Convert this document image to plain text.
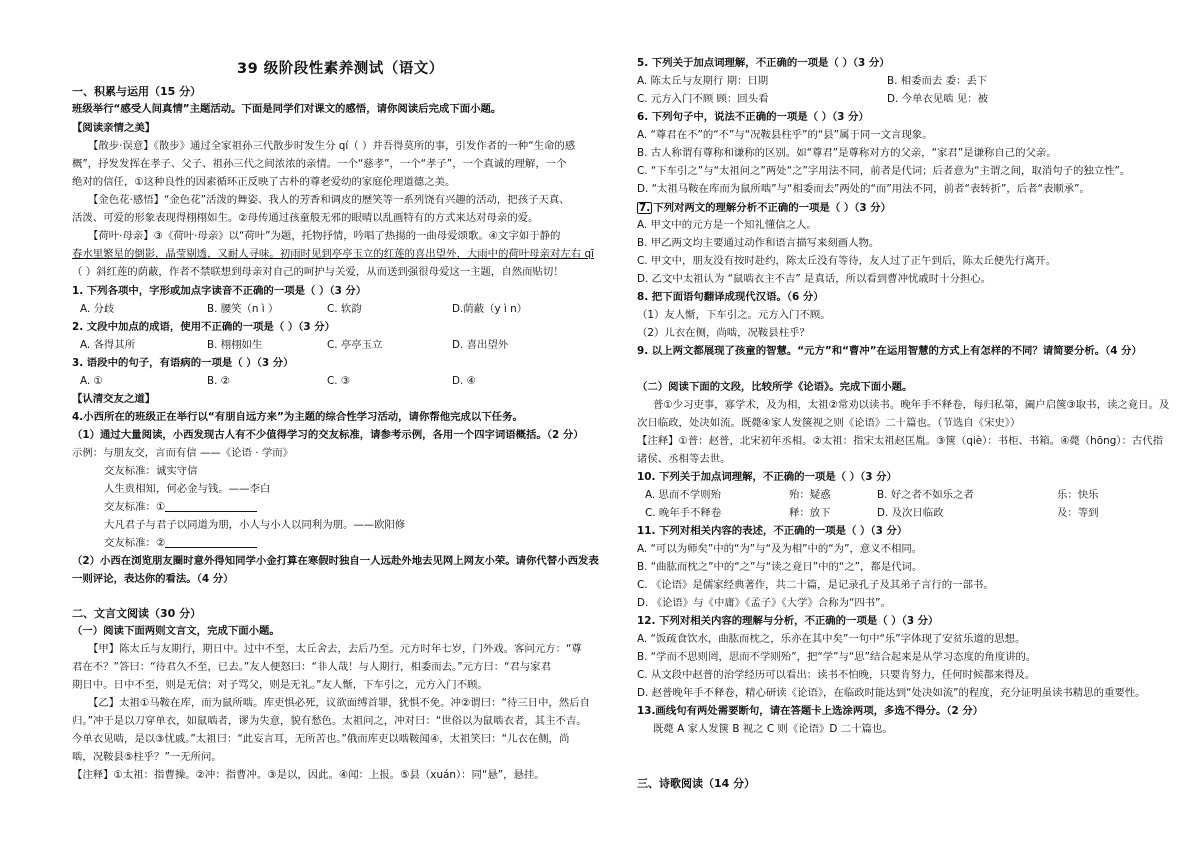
39 级阶段性素养测试（语文）
一、积累与运用（15 分）
班级举行“感受人间真情”主题活动。下面是同学们对课文的感悟，请你阅读后完成下面小题。
【阅读亲情之美】
【散步·误意】《散步》通过全家祖孙三代散步时发生分 qí（ ）并吾得莫所的事，引发作者的一种“生命的感
概”，抒发发挥在孝子、父子、祖孙三代之间浓浓的亲情。一个“慈孝”，一个“孝子”，一个真诚的理解，一个
绝对的信任，①这种良性的因素循环正反映了古朴的尊老爱幼的家庭伦理道德之美。
【金色花·感悟】“金色花”活泼的舞姿、我人的芳香和调皮的歷笑等一系列饶有兴趣的活动，把孩子天真、
活泼、可爱的形象表现得栩栩如生。②母传通过孩童般无邪的眼晴以乱画特有的方式来达对母亲的爱。
【荷叶·母亲】③《荷叶·母亲》以“荷叶”为题，托物抒情，吟唱了热揚的一曲母爱颂歌。④文字如于静的
春水里繁星的倒影，晶莹剔透，又耐人寻味。初雨时见到亭亭玉立的红莲的喜出望外，大雨中的荷叶母亲对左右 qī
（ ）斜红莲的荫蔽，作者不禁联想到母亲对自己的呵护与关爱，从而送到强很母爱这一主题，自然而贴切！
1. 下列各项中，字形或加点字读音不正确的一项是（ ）（3 分）
A. 分歧	B. 腰笑（n ì ）	C. 软韵	D.荫蔽（y ì n）
2. 文段中加点的成语，使用不正确的一项是（ ）（3 分）
A. 各得其所	B. 栩栩如生	C. 亭亭玉立	D. 喜出望外
3. 语段中的句子，有语病的一项是（ ）（3 分）
A. ①	B. ②	C. ③	D. ④
【认清交友之道】
4.小西所在的班级正在举行以“有朋自远方来”为主题的综合性学习活动，请你帮他完成以下任务。
（1）通过大量阅读，小西发现古人有不少值得学习的交友标准，请参考示例，各用一个四字词语概括。（2 分）
示例：与朋友交，言而有信 ——《论语 · 学而》
交友标准：诚实守信
人生贵相知，何必金与钱。——李白
交友标准：①
大凡君子与君子以同道为朋，小人与小人以同利为朋。——欧阳修
交友标准：②
（2）小西在浏览朋友圈时意外得知同学小金打算在寒假时独自一人远赴外地去见网上网友小荣。请你代替小西发表
一则评论，表达你的看法。（4 分）
二、文言文阅读（30 分）
（一）阅读下面两则文言文，完成下面小题。
【甲】陈太丘与友期行，期日中。过中不至，太丘舍去，去后乃至。元方时年七岁，门外戏。客问元方：“尊
君在不？”答曰：“待君久不至，已去。”友人便怒曰：“非人哉！与人期行，相委而去。”元方曰：“君与家君
期日中。日中不至，则是无信；对子骂父，则是无礼。”友人惭，下车引之，元方入门不顾。
【乙】太祖①马鞍在库，而为鼠所啮。库吏惧必死，议欲面缚首罪，犹惧不免。冲②谓曰：“待三日中，然后自
归。”冲于是以刀穿单衣，如鼠啮者，谬为失意，貌有愁色。太祖问之，冲对曰：“世俗以为鼠啮衣者，其主不吉。
今单衣见啮，是以③忧戚。”太祖曰：“此妄言耳，无所苦也。”俄而库吏以啮鞍闻④，太祖笑曰：“儿衣在侧，尚
啮，况鞍县⑤柱乎？”一无所问。
【注释】①太祖：指曹操。②冲：指曹冲。③是以，因此。④闻：上报。⑤县（xuán）：同“悬”，悬挂。
5. 下列关于加点词理解，不正确的一项是（ ）（3 分）
A. 陈太丘与友期行 期：日期	B. 相委而去 委：丢下
C. 元方入门不顾 顾：回头看	D. 今单衣见啮 见：被
6. 下列句子中，说法不正确的一项是（ ）（3 分）
A. “尊君在不”的“不”与“况鞍县柱乎”的“县”属于同一文言现象。
B. 古人称谓有尊称和谦称的区别。如“尊君”是尊称对方的父亲，“家君”是谦称自己的父亲。
C. “下车引之”与“太祖问之”两处“之”字用法不同，前者是代词；后者意为“主谓之间，取消句子的独立性”。
D. “太祖马鞍在库而为鼠所啮”与“相委而去”两处的“而”用法不同，前者“表转折”，后者“表顺承”。
7. 下列对两文的理解分析不正确的一项是（ ）（3 分）
A. 甲文中的元方是一个知礼懂信之人。
B. 甲乙两文均主要通过动作和语言描写来刻画人物。
C. 甲文中，朋友没有按时赴约，陈太丘没有等待，友人过了正午到后，陈太丘便先行离开。
D. 乙文中太祖认为 “鼠啮衣主不吉” 是真话，所以看到曹冲忧戚时十分担心。
8. 把下面语句翻译成现代汉语。（6 分）
（1）友人惭，下车引之。元方入门不顾。
（2）儿衣在侧，尚啮，况鞍县柱乎？
9. 以上两文都展现了孩童的智慧。“元方”和“曹冲”在运用智慧的方式上有怎样的不同？请简要分析。（4 分）
（二）阅读下面的文段，比较所学《论语》。完成下面小题。
普①少习吏事，寡学术，及为相，太祖②常劝以读书。晚年手不释卷，每归私第，阖户启箧③取书，读之竟日。及
次日临政，处决如流。既薨④家人发箧视之则《论语》二十篇也。（节选自《宋史》）
【注释】①普：赵普，北宋初年丞相。②太祖：指宋太祖赵匡胤。③箧（qiè）：书柜、书箱。④薨（hōng）：古代指
诸侯、丞相等去世。
10. 下列关于加点词理解，不正确的一项是（ ）（3 分）
A. 思而不学则殆	殆：疑惑	B. 好之者不如乐之者	乐：快乐
C. 晚年手不释卷	释：放下	D. 及次日临政	及：等到
11. 下列对相关内容的表述，不正确的一项是（ ）（3 分）
A. “可以为师矣”中的“为”与“及为相”中的“为”，意义不相同。
B. “曲肱而枕之”中的“之”与“读之竟日”中的“之”，都是代词。
C. 《论语》是儒家经典著作，共二十篇，是记录孔子及其弟子言行的一部书。
D. 《论语》与《中庸》《孟子》《大学》合称为“四书”。
12. 下列对相关内容的理解与分析，不正确的一项是（ ）（3 分）
A. “饭疏食饮水，曲肱而枕之，乐亦在其中矣”一句中“乐”字体现了安贫乐道的思想。
B. “学而不思则罔，思而不学则殆”，把“学”与“思”结合起来是从学习态度的角度讲的。
C. 从文段中赵普的治学经历可以看出：读书不怕晚，只要肯努力，任何时候都来得及。
D. 赵普晚年手不释卷，精心研读《论语》，在临政时能达到“处决如流”的程度，充分证明虽读书精思的重要性。
13.画线句有两处需要断句，请在答题卡上选涂两项，多选不得分。（2 分）
既薨 A 家人发箧 B 视之 C 则《论语》D 二十篇也。
三、诗歌阅读（14 分）
